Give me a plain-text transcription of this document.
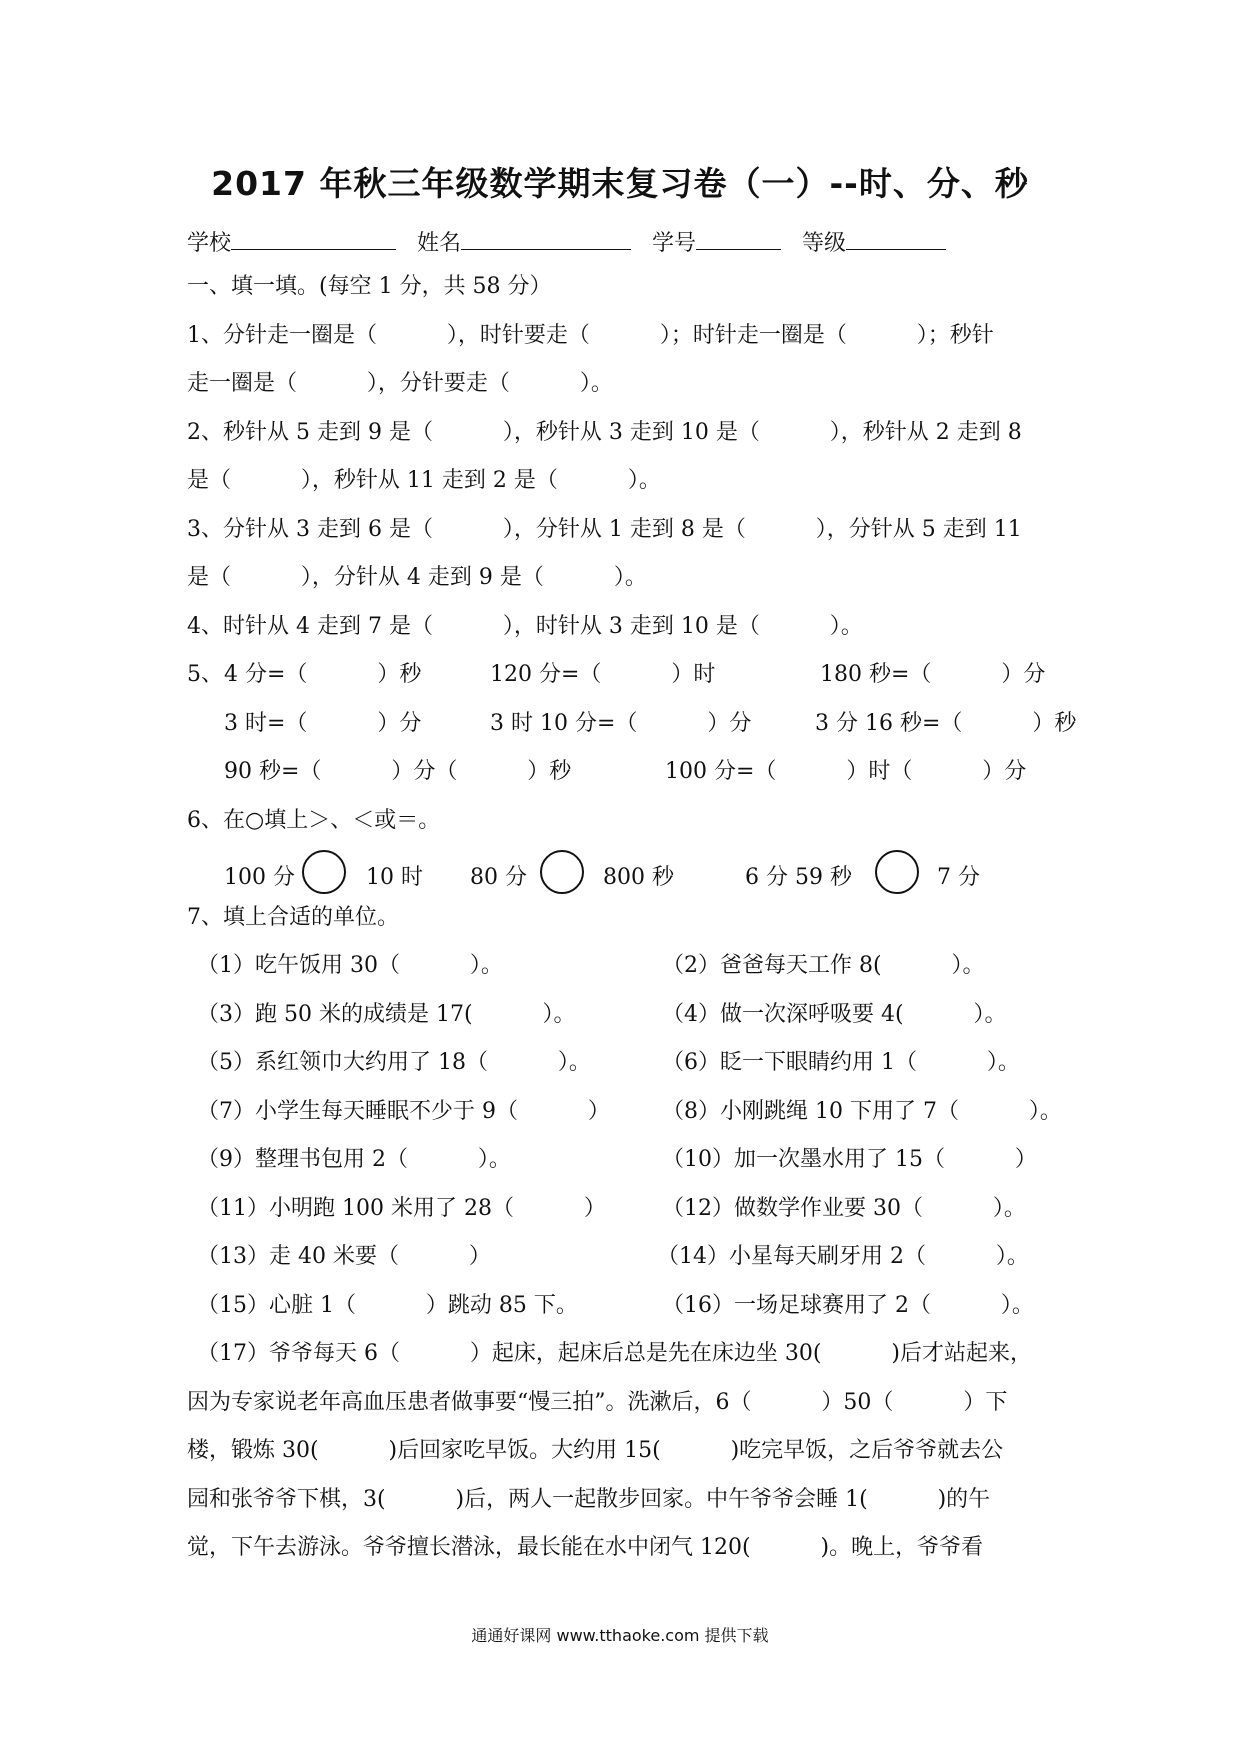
2017 年秋三年级数学期末复习卷（一）--时、分、秒
学校	姓名	学号	等级
一、填一填。(每空 1 分，共 58 分）
1、分针走一圈是（          ），时针要走（          ）；时针走一圈是（          ）；秒针
走一圈是（          ），分针要走（          ）。
2、秒针从 5 走到 9 是（          ），秒针从 3 走到 10 是（          ），秒针从 2 走到 8
是（          ），秒针从 11 走到 2 是（          ）。
3、分针从 3 走到 6 是（          ），分针从 1 走到 8 是（          ），分针从 5 走到 11
是（          ），分针从 4 走到 9 是（          ）。
4、时针从 4 走到 7 是（          ），时针从 3 走到 10 是（          ）。
5、 4 分=（          ）秒	120 分=（          ）时	180 秒=（          ）分
3 时=（          ）分	3 时 10 分=（          ）分	3 分 16 秒=（          ）秒
90 秒=（          ）分（          ）秒	100 分=（          ）时（          ）分
6、在○填上＞、＜或＝。
100 分	10 时 80 分	800 秒	6 分 59 秒	7 分
7、填上合适的单位。
（1）吃午饭用 30（          ）。	（2）爸爸每天工作 8(          ）。
（3）跑 50 米的成绩是 17(          ）。	（4）做一次深呼吸要 4(          ）。
（5）系红领巾大约用了 18（          ）。	（6）眨一下眼睛约用 1（          ）。
（7）小学生每天睡眠不少于 9（          ） （8）小刚跳绳 10 下用了 7（          ）。
（9）整理书包用 2（          ）。	（10）加一次墨水用了 15（          ）
（11）小明跑 100 米用了 28（          ）	（12）做数学作业要 30（          ）。
（13）走 40 米要（          ）	（14）小星每天刷牙用 2（          ）。
（15）心脏 1（          ）跳动 85 下。	（16）一场足球赛用了 2（          ）。
（17）爷爷每天 6（          ）起床，起床后总是先在床边坐 30(          )后才站起来，
因为专家说老年高血压患者做事要“慢三拍”。洗漱后，6（          ）50（          ）下
楼，锻炼 30(          )后回家吃早饭。大约用 15(          )吃完早饭，之后爷爷就去公
园和张爷爷下棋，3(          )后，两人一起散步回家。中午爷爷会睡 1(          )的午
觉，下午去游泳。爷爷擅长潜泳，最长能在水中闭气 120(          )。晚上，爷爷看
通通好课网 www.tthaoke.com 提供下载
